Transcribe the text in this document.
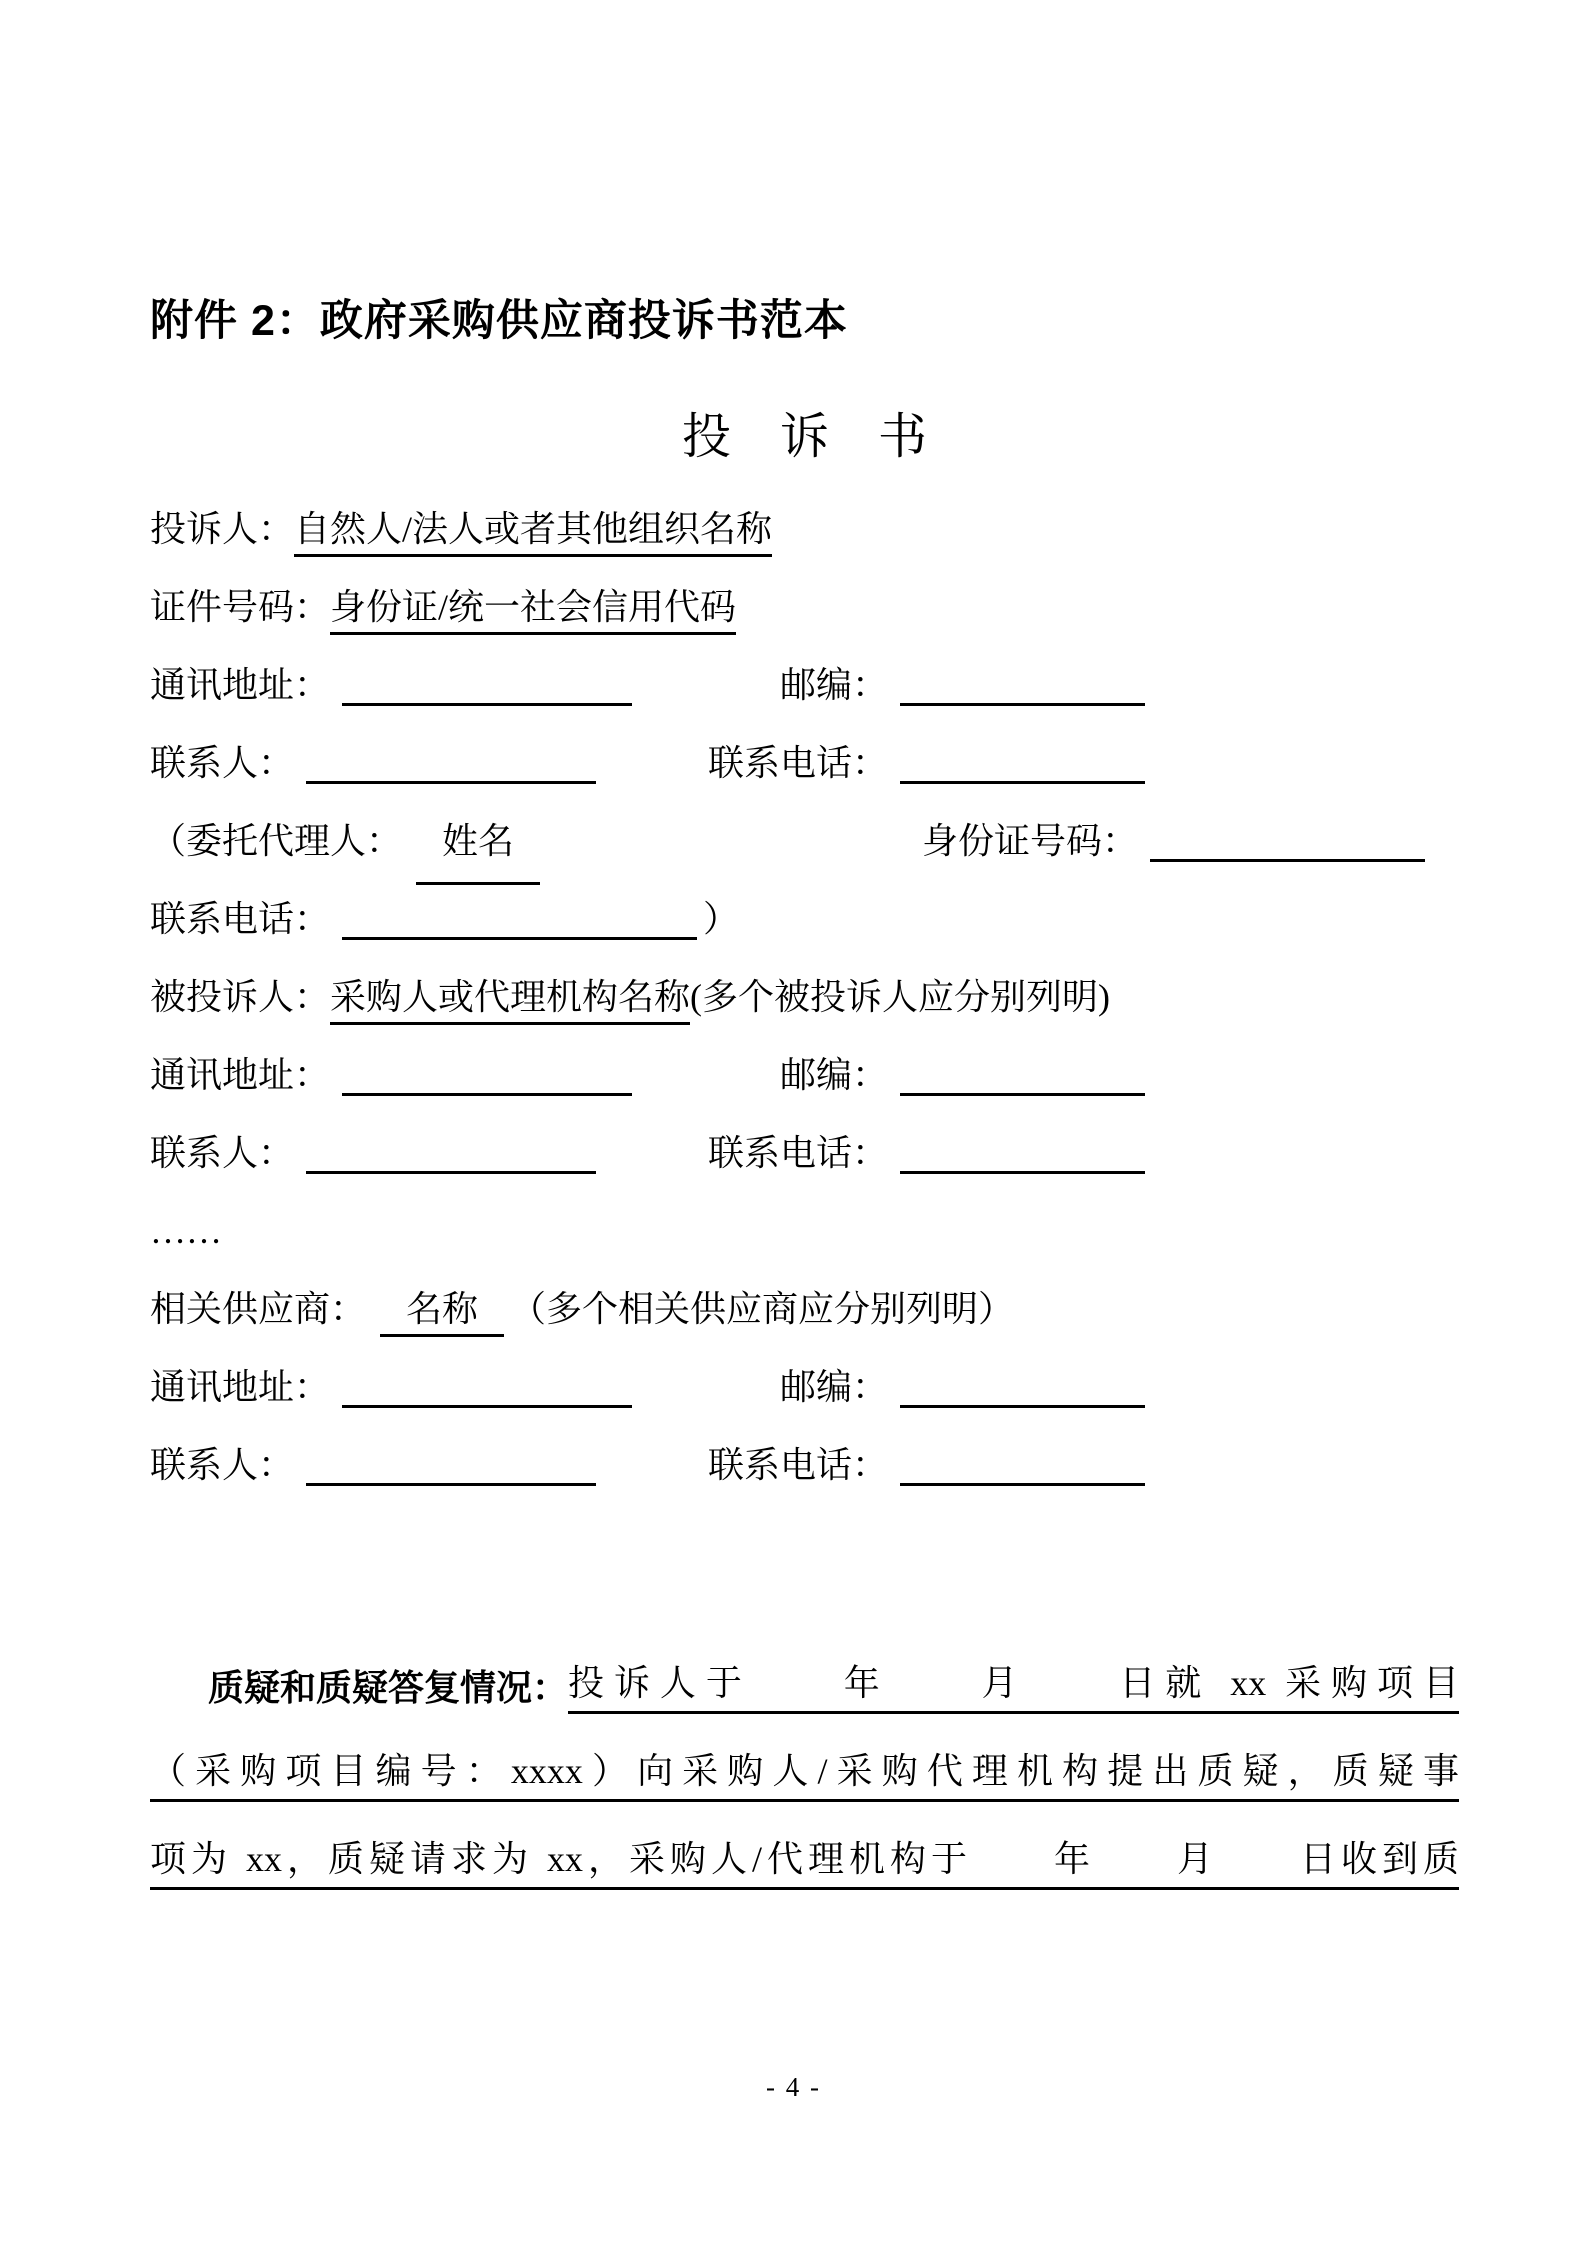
附件 2：政府采购供应商投诉书范本
投　诉　书
投诉人：自然人/法人或者其他组织名称
证件号码：身份证/统一社会信用代码
通讯地址：	邮编：
联系人：	联系电话：
（委托代理人：	姓名	身份证号码：
联系电话：	）
被投诉人：采购人或代理机构名称(多个被投诉人应分别列明)
通讯地址：	邮编：
联系人：	联系电话：
……
相关供应商： 名称 （多个相关供应商应分别列明）
通讯地址：	邮编：
联系人：	联系电话：
质疑和质疑答复情况： 投诉人于　　年　　月　　日就 xx 采购项目
（采购项目编号：xxxx）向采购人/采购代理机构提出质疑，质疑事
项为 xx，质疑请求为 xx，采购人/代理机构于　　年　　月　　日收到质
- 4 -
